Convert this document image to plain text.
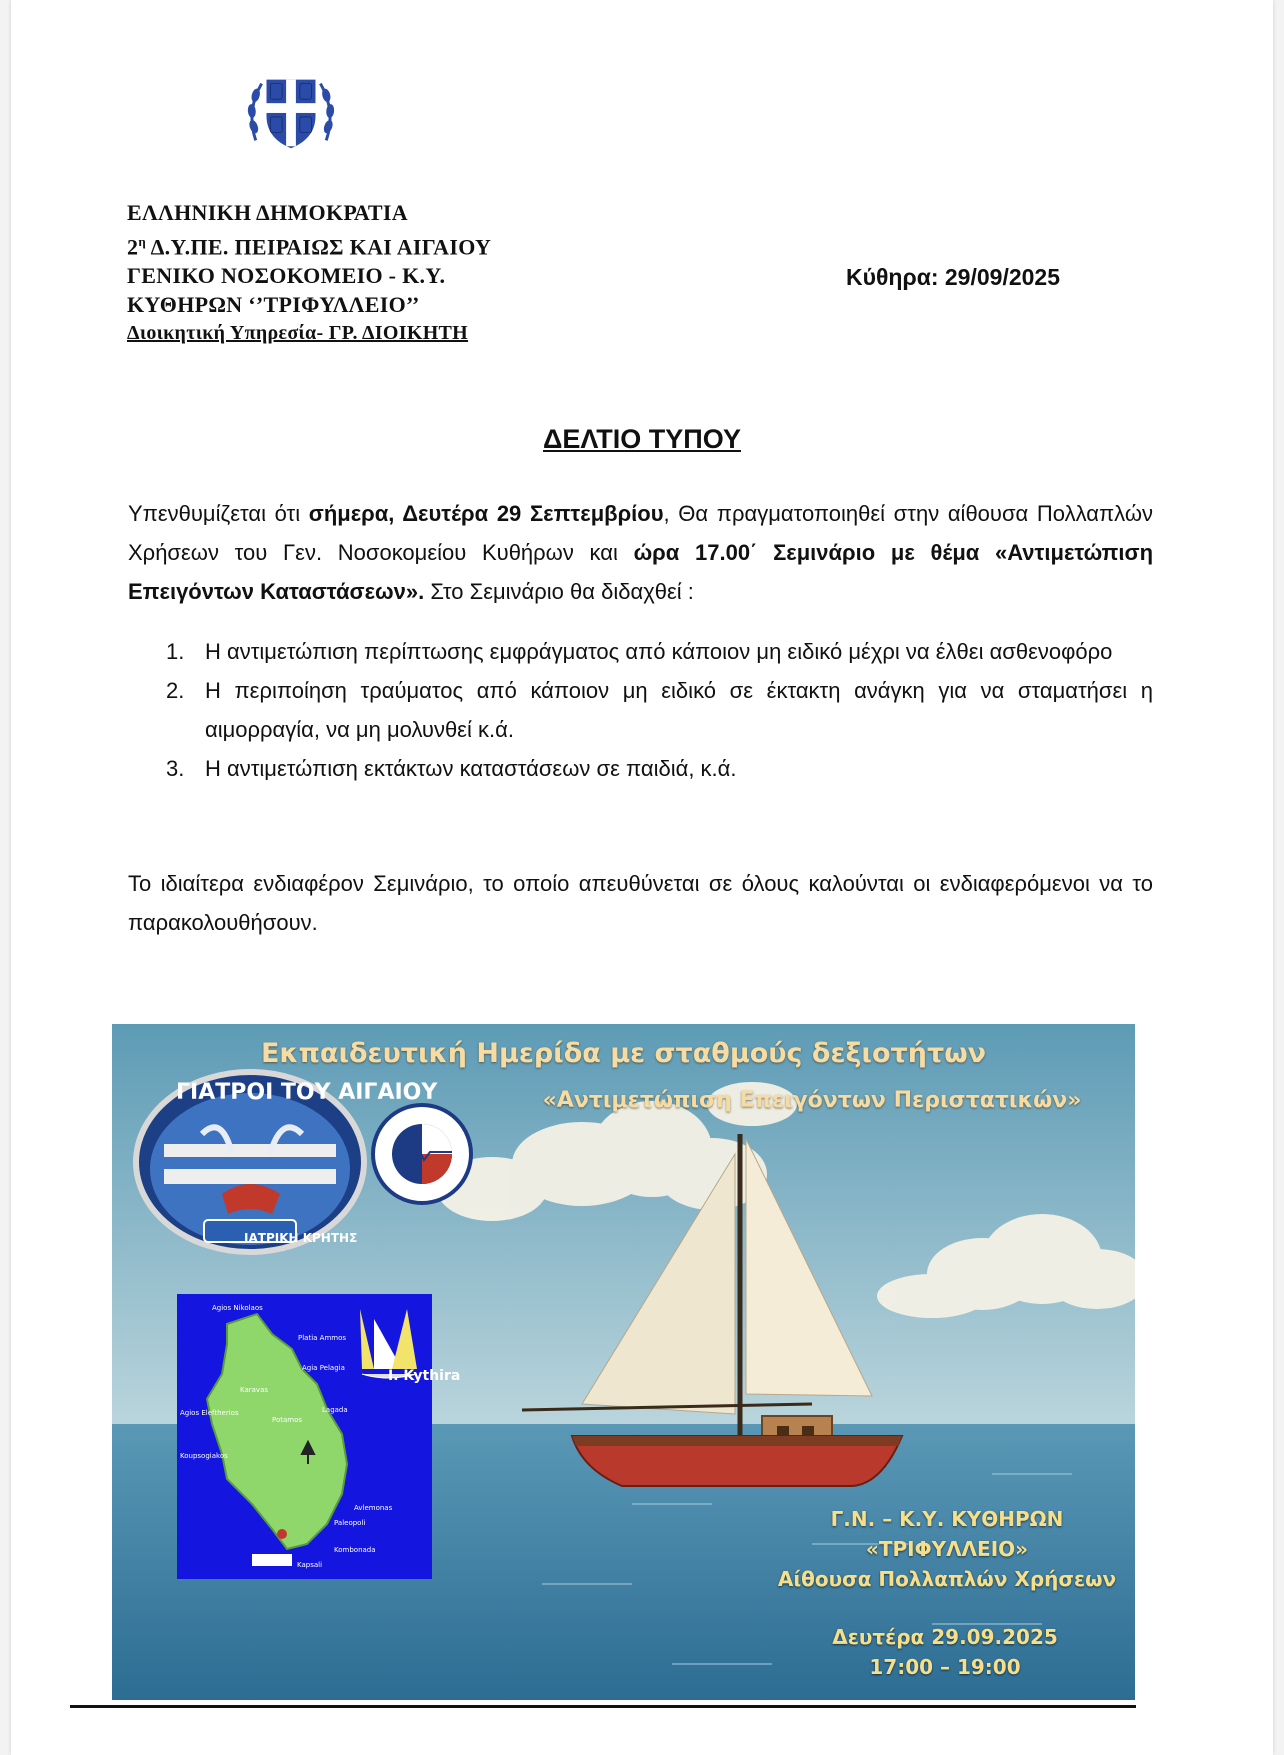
ΕΛΛΗΝΙΚΗ ΔΗΜΟΚΡΑΤΙΑ
$2^\eta$ Δ.Υ.ΠΕ. ΠΕΙΡΑΙΩΣ ΚΑΙ ΑΙΓΑΙΟΥ
ΓΕΝΙΚΟ ΝΟΣΟΚΟΜΕΙΟ - Κ.Υ.
ΚΥΘΗΡΩΝ ‘’ΤΡΙΦΥΛΛΕΙΟ’’
Διοικητική Υπηρεσία- ΓΡ. ΔΙΟΙΚΗΤΗ
Κύθηρα: 29/09/2025
ΔΕΛΤΙΟ ΤΥΠΟΥ
Υπενθυμίζεται ότι σήμερα, Δευτέρα 29 Σεπτεμβρίου, Θα πραγματοποιηθεί στην αίθουσα Πολλαπλών Χρήσεων του Γεν. Νοσοκομείου Κυθήρων και ώρα 17.00΄ Σεμινάριο με θέμα «Αντιμετώπιση Επειγόντων Καταστάσεων». Στο Σεμινάριο θα διδαχθεί :
1. Η αντιμετώπιση περίπτωσης εμφράγματος από κάποιον μη ειδικό μέχρι να έλθει ασθενοφόρο
2. Η περιποίηση τραύματος από κάποιον μη ειδικό σε έκτακτη ανάγκη για να σταματήσει η αιμορραγία, να μη μολυνθεί κ.ά.
3. Η αντιμετώπιση εκτάκτων καταστάσεων σε παιδιά, κ.ά.
Το ιδιαίτερα ενδιαφέρον Σεμινάριο, το οποίο απευθύνεται σε όλους καλούνται οι ενδιαφερόμενοι να το παρακολουθήσουν.
Εκπαιδευτική Ημερίδα με σταθμούς δεξιοτήτων
«Αντιμετώπιση Επειγόντων Περιστατικών»
ΓΙΑΤΡΟΙ ΤΟΥ ΑΙΓΑΙΟΥ
ΙΑΤΡΙΚΗ ΚΡΗΤΗΣ
I. Kythira
Agios Nikolaos
Platia Ammos
Agia Pelagia
Karavas
Lagada
Agios Eleftherios
Potamos
Koupsogiakos
Avlemonas
Paleopoli
Kombonada
Kapsali
Γ.Ν. – Κ.Υ. ΚΥΘΗΡΩΝ
«ΤΡΙΦΥΛΛΕΙΟ»
Αίθουσα Πολλαπλών Χρήσεων
Δευτέρα 29.09.2025
17:00 – 19:00
